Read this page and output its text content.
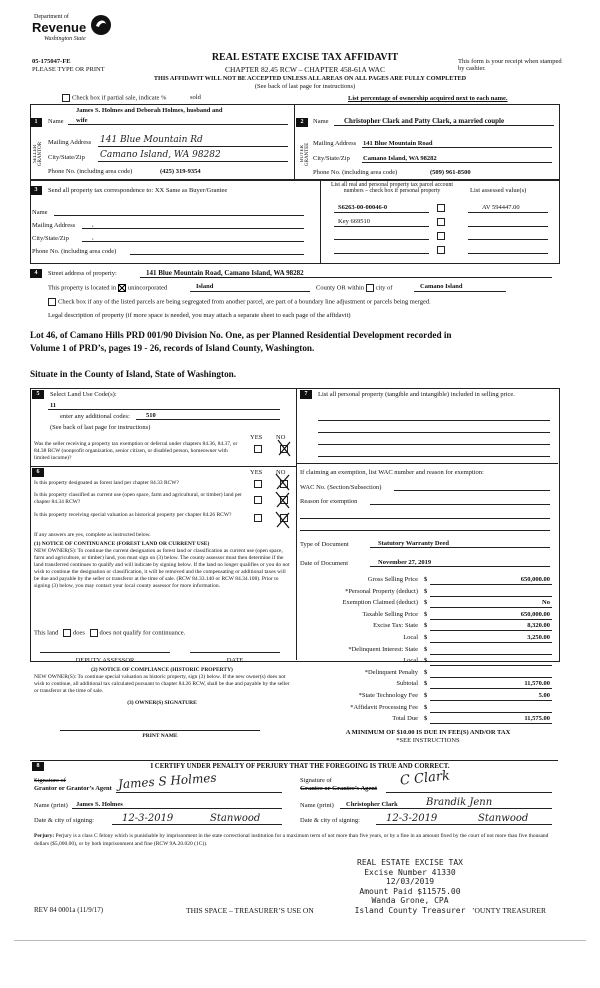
Department of
Revenue
Washington State
05-175047-FE
PLEASE TYPE OR PRINT
REAL ESTATE EXCISE TAX AFFIDAVIT
CHAPTER 82.45 RCW – CHAPTER 458-61A WAC
THIS AFFIDAVIT WILL NOT BE ACCEPTED UNLESS ALL AREAS ON ALL PAGES ARE FULLY COMPLETED
(See back of last page for instructions)
This form is your receipt when stamped by cashier.
Check box if partial sale, indicate %	sold	List percentage of ownership acquired next to each name.
1
SELLER GRANTOR
Name
James S. Holmes and Deborah Holmes, husband and
wife
Mailing Address 141 Blue Mountain Rd
City/State/Zip Camano Island, WA 98282
Phone No. (including area code)	(425) 319-9354
2
BUYER GRANTEE
Name Christopher Clark and Patty Clark, a married couple
Mailing Address 141 Blue Mountain Road
City/State/Zip Camano Island, WA 98282
Phone No. (including area code)	(509) 961-8500
3	Send all property tax correspondence to: XX Same as Buyer/Grantee
Name
Mailing Address	,
City/State/Zip	,
Phone No. (including area code)
List all real and personal property tax parcel account numbers – check box if personal property	List assessed value(s)
S6263-00-00046-0	AV 594447.00
Key 669510
4	Street address of property:	141 Blue Mountain Road, Camano Island, WA 98282
This property is located in unincorporated	Island	County OR within city of	Camano Island
Check box if any of the listed parcels are being segregated from another parcel, are part of a boundary line adjustment or parcels being merged.
Legal description of property (if more space is needed, you may attach a separate sheet to each page of the affidavit)
Lot 46, of Camano Hills PRD 001/90 Division No. One, as per Planned Residential Development recorded in
Volume 1 of PRD’s, pages 19 - 26, records of Island County, Washington.
Situate in the County of Island, State of Washington.
5	Select Land Use Code(s):
11
enter any additional codes: 510
(See back of last page for instructions)
YES NO
Was the seller receiving a property tax exemption or deferral under chapters 84.36, 84.37, or 84.38 RCW (nonprofit organization, senior citizen, or disabled person, homeowner with limited income)?
6	YES NO
Is this property designated as forest land per chapter 84.33 RCW?
Is this property classified as current use (open space, farm and agricultural, or timber) land per chapter 84.34 RCW?
Is this property receiving special valuation as historical property per chapter 84.26 RCW?
If any answers are yes, complete as instructed below.
(1) NOTICE OF CONTINUANCE (FOREST LAND OR CURRENT USE)
NEW OWNER(S): To continue the current designation as forest land or classification as current use (open space, farm and agriculture, or timber) land, you must sign on (3) below. The county assessor must then determine if the land transferred continues to qualify and will indicate by signing below. If the land no longer qualifies or you do not wish to continue the designation or classification, it will be removed and the compensating or additional taxes will be due and payable by the seller or transferor at the time of sale. (RCW 84.33.140 or RCW 84.34.108). Prior to signing (3) below, you may contact your local county assessor for more information.
This land does does not qualify for continuance.
DEPUTY ASSESSOR	DATE
(2) NOTICE OF COMPLIANCE (HISTORIC PROPERTY)
NEW OWNER(S): To continue special valuation as historic property, sign (3) below. If the new owner(s) does not wish to continue, all additional tax calculated pursuant to chapter 84.26 RCW, shall be due and payable by the seller or transferor at the time of sale.
(3) OWNER(S) SIGNATURE
PRINT NAME
7	List all personal property (tangible and intangible) included in selling price.
If claiming an exemption, list WAC number and reason for exemption:
WAC No. (Section/Subsection)
Reason for exemption
Type of Document	Statutory Warranty Deed
Date of Document	November 27, 2019
Gross Selling Price $	650,000.00
*Personal Property (deduct) $
Exemption Claimed (deduct) $	No
Taxable Selling Price $	650,000.00
Excise Tax: State $	8,320.00
Local $	3,250.00
*Delinquent Interest: State $
Local $
*Delinquent Penalty $
Subtotal $	11,570.00
*State Technology Fee $	5.00
*Affidavit Processing Fee $
Total Due $	11,575.00
A MINIMUM OF $10.00 IS DUE IN FEE(S) AND/OR TAX
*SEE INSTRUCTIONS
8	I CERTIFY UNDER PENALTY OF PERJURY THAT THE FOREGOING IS TRUE AND CORRECT.
Signature of
Grantor or Grantor’s Agent James S Holmes	Signature of
Grantee or Grantee’s Agent C Clark
Name (print) James S. Holmes	Name (print) Christopher Clark	Brandik Jenn
Date & city of signing:	12-3-2019	Stanwood	Date & city of signing:	12-3-2019	Stanwood
Perjury: Perjury is a class C felony which is punishable by imprisonment in the state correctional institution for a maximum term of not more than five years, or by a fine in an amount fixed by the court of not more than five thousand dollars ($5,000.00), or by both imprisonment and fine (RCW 9A.20.020 (1C)).
REAL ESTATE EXCISE TAX
Excise Number 41330
12/03/2019
Amount Paid $11575.00
Wanda Grone, CPA
Island County Treasurer
REV 84 0001a (11/9/17)	THIS SPACE – TREASURER’S USE ON	’OUNTY TREASURER
